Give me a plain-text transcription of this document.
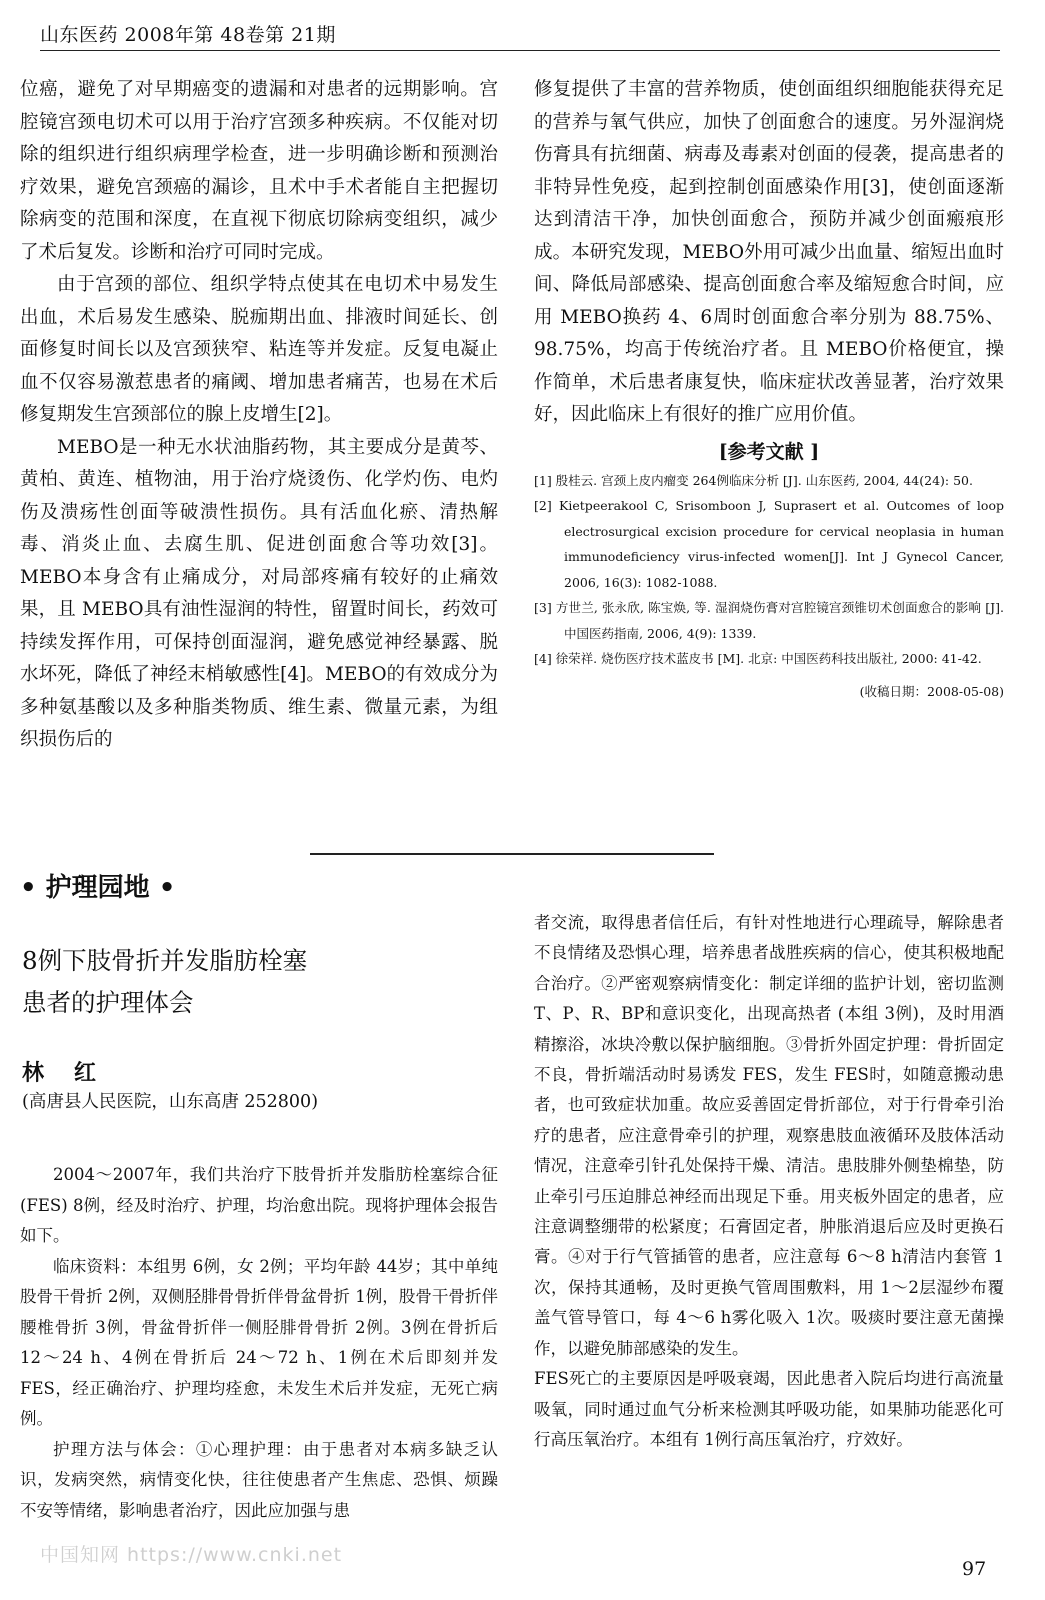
山东医药 2008年第 48卷第 21期

位癌，避免了对早期癌变的遗漏和对患者的远期影响。宫腔镜宫颈电切术可以用于治疗宫颈多种疾病。不仅能对切除的组织进行组织病理学检查，进一步明确诊断和预测治疗效果，避免宫颈癌的漏诊，且术中手术者能自主把握切除病变的范围和深度，在直视下彻底切除病变组织，减少了术后复发。诊断和治疗可同时完成。

由于宫颈的部位、组织学特点使其在电切术中易发生出血，术后易发生感染、脱痂期出血、排液时间延长、创面修复时间长以及宫颈狭窄、粘连等并发症。反复电凝止血不仅容易激惹患者的痛阈、增加患者痛苦，也易在术后修复期发生宫颈部位的腺上皮增生[2]。

MEBO是一种无水状油脂药物，其主要成分是黄芩、黄柏、黄连、植物油，用于治疗烧烫伤、化学灼伤、电灼伤及溃疡性创面等破溃性损伤。具有活血化瘀、清热解毒、消炎止血、去腐生肌、促进创面愈合等功效[3]。MEBO本身含有止痛成分，对局部疼痛有较好的止痛效果，且 MEBO具有油性湿润的特性，留置时间长，药效可持续发挥作用，可保持创面湿润，避免感觉神经暴露、脱水坏死，降低了神经末梢敏感性[4]。MEBO的有效成分为多种氨基酸以及多种脂类物质、维生素、微量元素，为组织损伤后的

修复提供了丰富的营养物质，使创面组织细胞能获得充足的营养与氧气供应，加快了创面愈合的速度。另外湿润烧伤膏具有抗细菌、病毒及毒素对创面的侵袭，提高患者的非特异性免疫，起到控制创面感染作用[3]，使创面逐渐达到清洁干净，加快创面愈合，预防并减少创面瘢痕形成。本研究发现，MEBO外用可减少出血量、缩短出血时间、降低局部感染、提高创面愈合率及缩短愈合时间，应用 MEBO换药 4、6周时创面愈合率分别为 88.75%、98.75%，均高于传统治疗者。且 MEBO价格便宜，操作简单，术后患者康复快，临床症状改善显著，治疗效果好，因此临床上有很好的推广应用价值。

[参考文献 ]

[1] 殷桂云. 宫颈上皮内瘤变 264例临床分析 [J]. 山东医药, 2004, 44(24): 50.

[2] Kietpeerakool C, Srisomboon J, Suprasert et al. Outcomes of loop electrosurgical excision procedure for cervical neoplasia in human immunodeficiency virus-infected women[J]. Int J Gynecol Cancer, 2006, 16(3): 1082-1088.

[3] 方世兰, 张永欣, 陈宝焕, 等. 湿润烧伤膏对宫腔镜宫颈锥切术创面愈合的影响 [J]. 中国医药指南, 2006, 4(9): 1339.

[4] 徐荣祥. 烧伤医疗技术蓝皮书 [M]. 北京: 中国医药科技出版社, 2000: 41-42.

(收稿日期：2008-05-08)
• 护理园地 •
8例下肢骨折并发脂肪栓塞
患者的护理体会
林　红
(高唐县人民医院，山东高唐 252800)

2004～2007年，我们共治疗下肢骨折并发脂肪栓塞综合征 (FES) 8例，经及时治疗、护理，均治愈出院。现将护理体会报告如下。

临床资料：本组男 6例，女 2例；平均年龄 44岁；其中单纯股骨干骨折 2例，双侧胫腓骨骨折伴骨盆骨折 1例，股骨干骨折伴腰椎骨折 3例，骨盆骨折伴一侧胫腓骨骨折 2例。3例在骨折后 12～24 h、4例在骨折后 24～72 h、1例在术后即刻并发 FES，经正确治疗、护理均痊愈，未发生术后并发症，无死亡病例。

护理方法与体会：①心理护理：由于患者对本病多缺乏认识，发病突然，病情变化快，往往使患者产生焦虑、恐惧、烦躁不安等情绪，影响患者治疗，因此应加强与患

者交流，取得患者信任后，有针对性地进行心理疏导，解除患者不良情绪及恐惧心理，培养患者战胜疾病的信心，使其积极地配合治疗。②严密观察病情变化：制定详细的监护计划，密切监测 T、P、R、BP和意识变化，出现高热者 (本组 3例)，及时用酒精擦浴，冰块冷敷以保护脑细胞。③骨折外固定护理：骨折固定不良，骨折端活动时易诱发 FES，发生 FES时，如随意搬动患者，也可致症状加重。故应妥善固定骨折部位，对于行骨牵引治疗的患者，应注意骨牵引的护理，观察患肢血液循环及肢体活动情况，注意牵引针孔处保持干燥、清洁。患肢腓外侧垫棉垫，防止牵引弓压迫腓总神经而出现足下垂。用夹板外固定的患者，应注意调整绷带的松紧度；石膏固定者，肿胀消退后应及时更换石膏。④对于行气管插管的患者，应注意每 6～8 h清洁内套管 1次，保持其通畅，及时更换气管周围敷料，用 1～2层湿纱布覆盖气管导管口，每 4～6 h雾化吸入 1次。吸痰时要注意无菌操作，以避免肺部感染的发生。

FES死亡的主要原因是呼吸衰竭，因此患者入院后均进行高流量吸氧，同时通过血气分析来检测其呼吸功能，如果肺功能恶化可行高压氧治疗。本组有 1例行高压氧治疗，疗效好。

中国知网 https://www.cnki.net
97
